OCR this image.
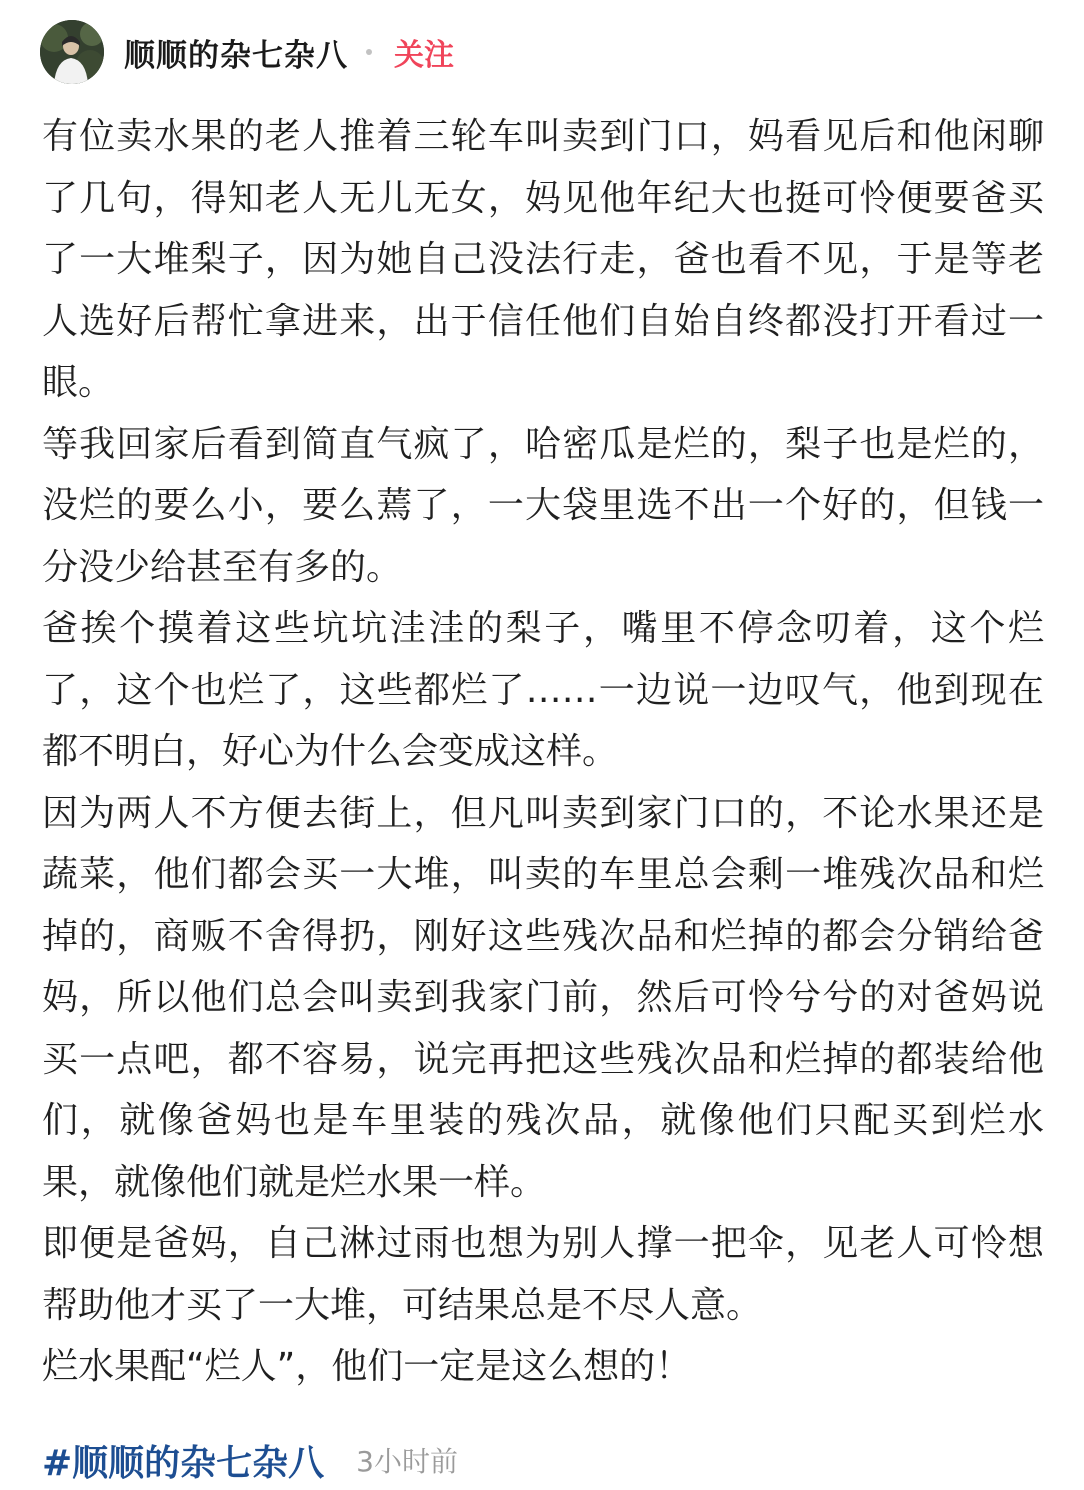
顺顺的杂七杂八 关注

有位卖水果的老人推着三轮车叫卖到门口，妈看见后和他闲聊了几句，得知老人无儿无女，妈见他年纪大也挺可怜便要爸买了一大堆梨子，因为她自己没法行走，爸也看不见，于是等老人选好后帮忙拿进来，出于信任他们自始自终都没打开看过一眼。

等我回家后看到简直气疯了，哈密瓜是烂的，梨子也是烂的，没烂的要么小，要么蔫了，一大袋里选不出一个好的，但钱一分没少给甚至有多的。

爸挨个摸着这些坑坑洼洼的梨子，嘴里不停念叨着，这个烂了，这个也烂了，这些都烂了……一边说一边叹气，他到现在都不明白，好心为什么会变成这样。

因为两人不方便去街上，但凡叫卖到家门口的，不论水果还是蔬菜，他们都会买一大堆，叫卖的车里总会剩一堆残次品和烂掉的，商贩不舍得扔，刚好这些残次品和烂掉的都会分销给爸妈，所以他们总会叫卖到我家门前，然后可怜兮兮的对爸妈说买一点吧，都不容易，说完再把这些残次品和烂掉的都装给他们，就像爸妈也是车里装的残次品，就像他们只配买到烂水果，就像他们就是烂水果一样。

即便是爸妈，自己淋过雨也想为别人撑一把伞，见老人可怜想帮助他才买了一大堆，可结果总是不尽人意。

烂水果配“烂人”，他们一定是这么想的！

#顺顺的杂七杂八 3小时前
